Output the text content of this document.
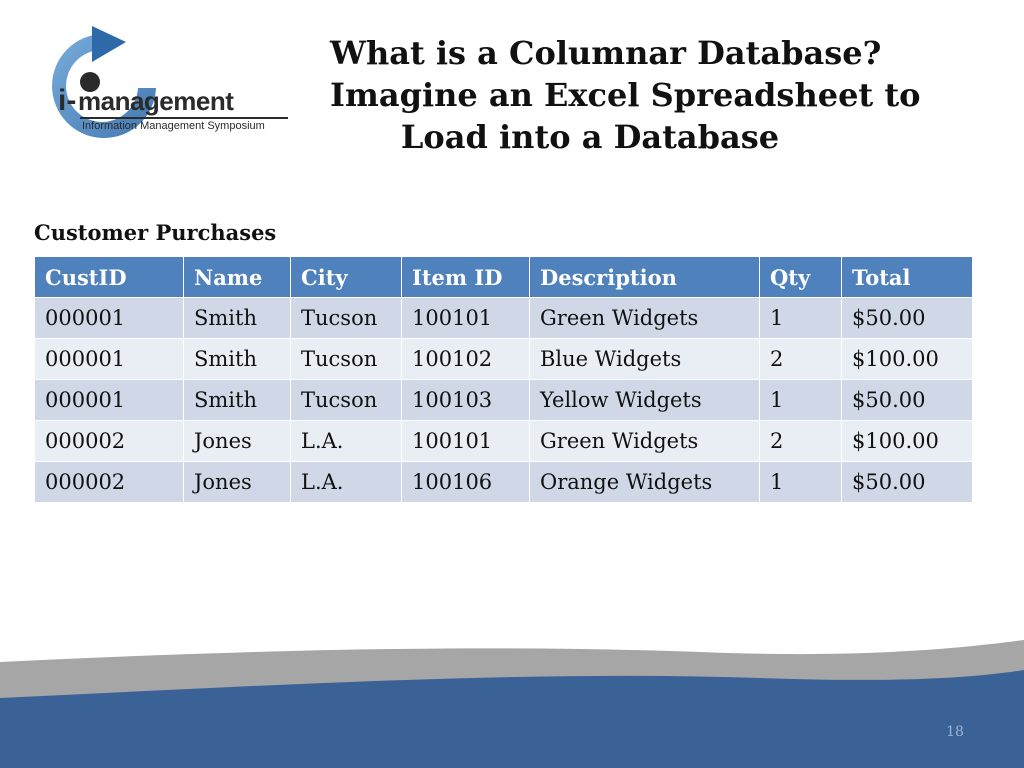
i- management
Information Management Symposium
What is a Columnar Database?
Imagine an Excel Spreadsheet to
Load into a Database
Customer Purchases
CustID	Name	City	Item ID	Description	Qty	Total
000001	Smith	Tucson	100101	Green Widgets	1	$50.00
000001	Smith	Tucson	100102	Blue Widgets	2	$100.00
000001	Smith	Tucson	100103	Yellow Widgets	1	$50.00
000002	Jones	L.A.	100101	Green Widgets	2	$100.00
000002	Jones	L.A.	100106	Orange Widgets	1	$50.00
18
